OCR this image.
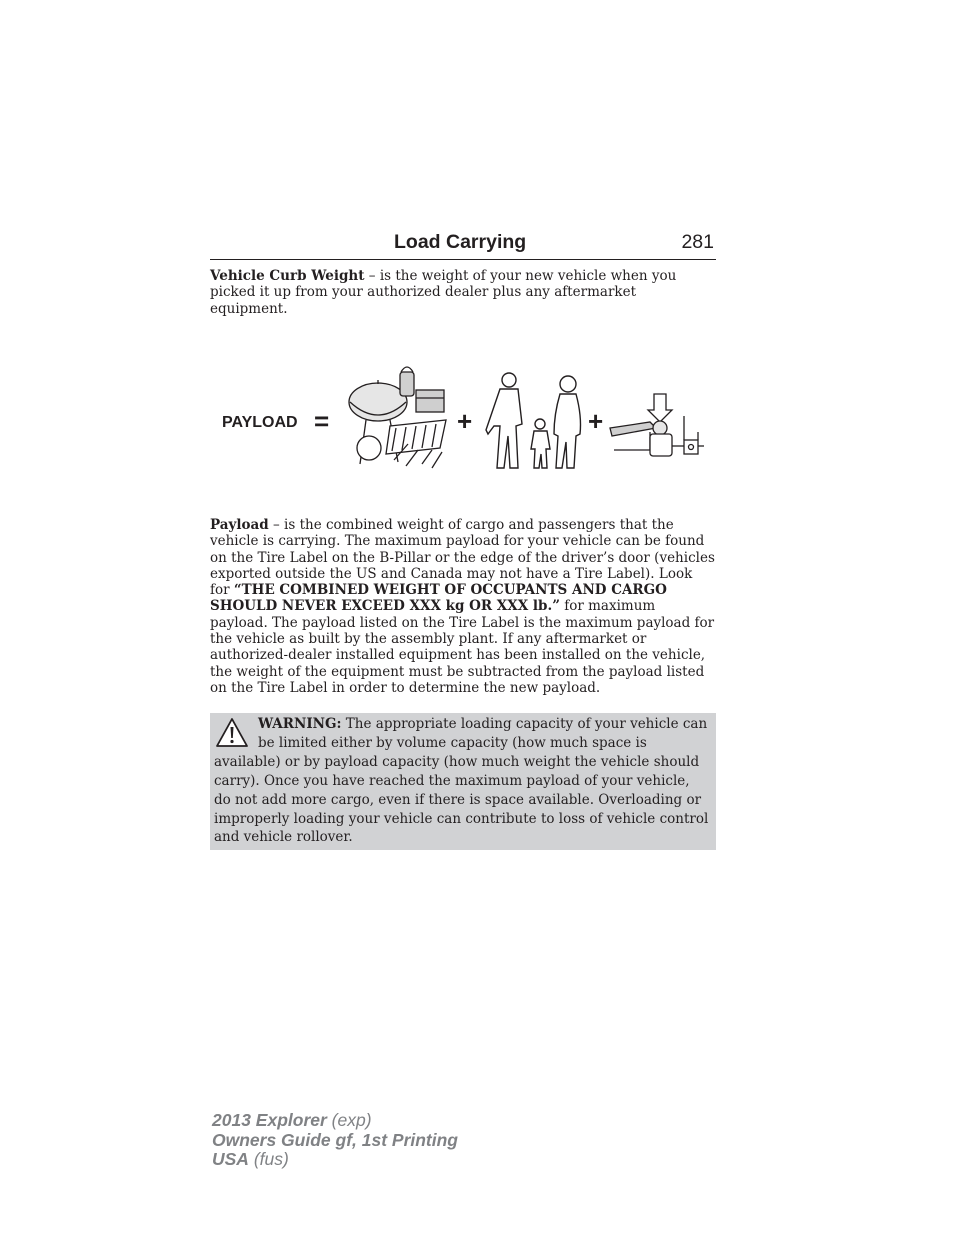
Load Carrying	281
Vehicle Curb Weight – is the weight of your new vehicle when you picked it up from your authorized dealer plus any aftermarket equipment.
PAYLOAD =	+	+
Payload – is the combined weight of cargo and passengers that the vehicle is carrying. The maximum payload for your vehicle can be found on the Tire Label on the B-Pillar or the edge of the driver’s door (vehicles exported outside the US and Canada may not have a Tire Label). Look for “THE COMBINED WEIGHT OF OCCUPANTS AND CARGO SHOULD NEVER EXCEED XXX kg OR XXX lb.” for maximum payload. The payload listed on the Tire Label is the maximum payload for the vehicle as built by the assembly plant. If any aftermarket or authorized-dealer installed equipment has been installed on the vehicle, the weight of the equipment must be subtracted from the payload listed on the Tire Label in order to determine the new payload.
WARNING: The appropriate loading capacity of your vehicle can be limited either by volume capacity (how much space is available) or by payload capacity (how much weight the vehicle should carry). Once you have reached the maximum payload of your vehicle, do not add more cargo, even if there is space available. Overloading or improperly loading your vehicle can contribute to loss of vehicle control and vehicle rollover.
2013 Explorer (exp)
Owners Guide gf, 1st Printing
USA (fus)
